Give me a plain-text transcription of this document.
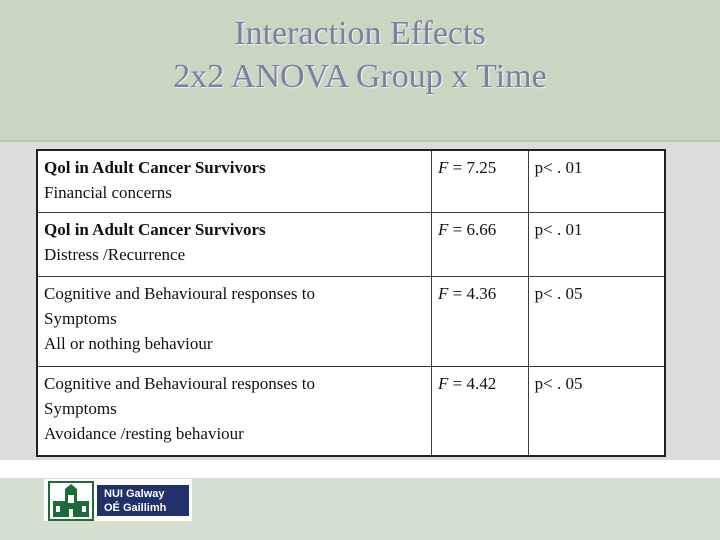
Interaction Effects
2x2 ANOVA Group x Time
Qol in Adult Cancer Survivors
Financial concerns	F = 7.25	p< . 01

Qol in Adult Cancer Survivors
Distress /Recurrence	F = 6.66	p< . 01

Cognitive and Behavioural responses to
Symptoms
All or nothing behaviour	F = 4.36	p< . 05

Cognitive and Behavioural responses to
Symptoms
Avoidance /resting behaviour	F = 4.42	p< . 05
NUI Galway
OÉ Gaillimh
